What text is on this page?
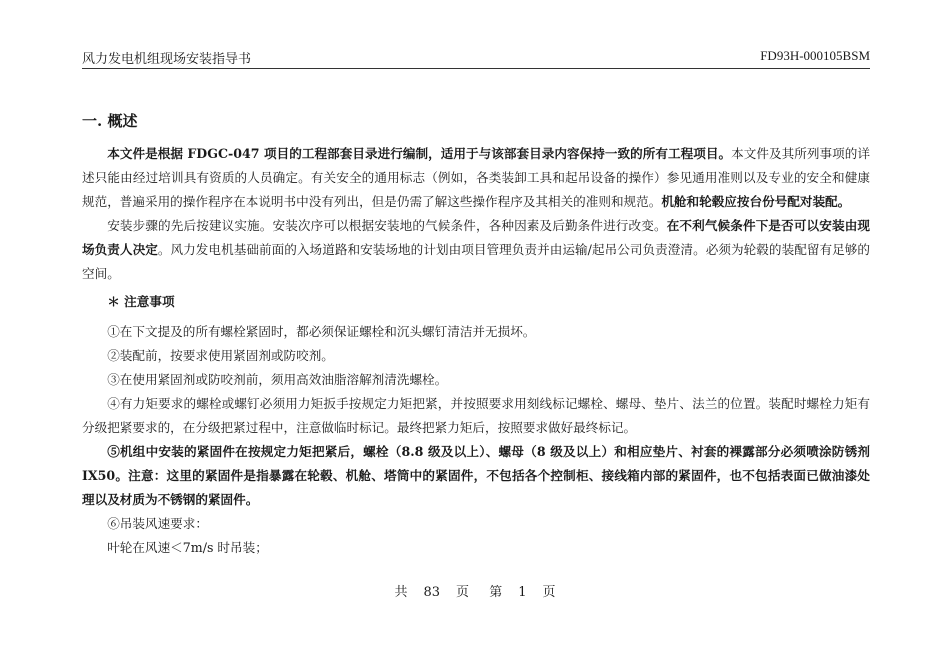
风力发电机组现场安装指导书	FD93H-000105BSM
一. 概述

本文件是根据 FDGC-047 项目的工程部套目录进行编制，适用于与该部套目录内容保持一致的所有工程项目。本文件及其所列事项的详述只能由经过培训具有资质的人员确定。有关安全的通用标志（例如，各类装卸工具和起吊设备的操作）参见通用准则以及专业的安全和健康规范，普遍采用的操作程序在本说明书中没有列出，但是仍需了解这些操作程序及其相关的准则和规范。机舱和轮毂应按台份号配对装配。

安装步骤的先后按建议实施。安装次序可以根据安装地的气候条件，各种因素及后勤条件进行改变。在不利气候条件下是否可以安装由现场负责人决定。风力发电机基础前面的入场道路和安装场地的计划由项目管理负责并由运输/起吊公司负责澄清。必须为轮毂的装配留有足够的空间。

＊ 注意事项

①在下文提及的所有螺栓紧固时，都必须保证螺栓和沉头螺钉清洁并无损坏。

②装配前，按要求使用紧固剂或防咬剂。

③在使用紧固剂或防咬剂前，须用高效油脂溶解剂清洗螺栓。

④有力矩要求的螺栓或螺钉必须用力矩扳手按规定力矩把紧，并按照要求用刻线标记螺栓、螺母、垫片、法兰的位置。装配时螺栓力矩有分级把紧要求的，在分级把紧过程中，注意做临时标记。最终把紧力矩后，按照要求做好最终标记。

⑤机组中安装的紧固件在按规定力矩把紧后，螺栓（8.8 级及以上）、螺母（8 级及以上）和相应垫片、衬套的裸露部分必须喷涂防锈剂 IX50。注意：这里的紧固件是指暴露在轮毂、机舱、塔筒中的紧固件，不包括各个控制柜、接线箱内部的紧固件，也不包括表面已做油漆处理以及材质为不锈钢的紧固件。

⑥吊装风速要求：

叶轮在风速＜7m/s 时吊装；

共 83 页 第 1 页
